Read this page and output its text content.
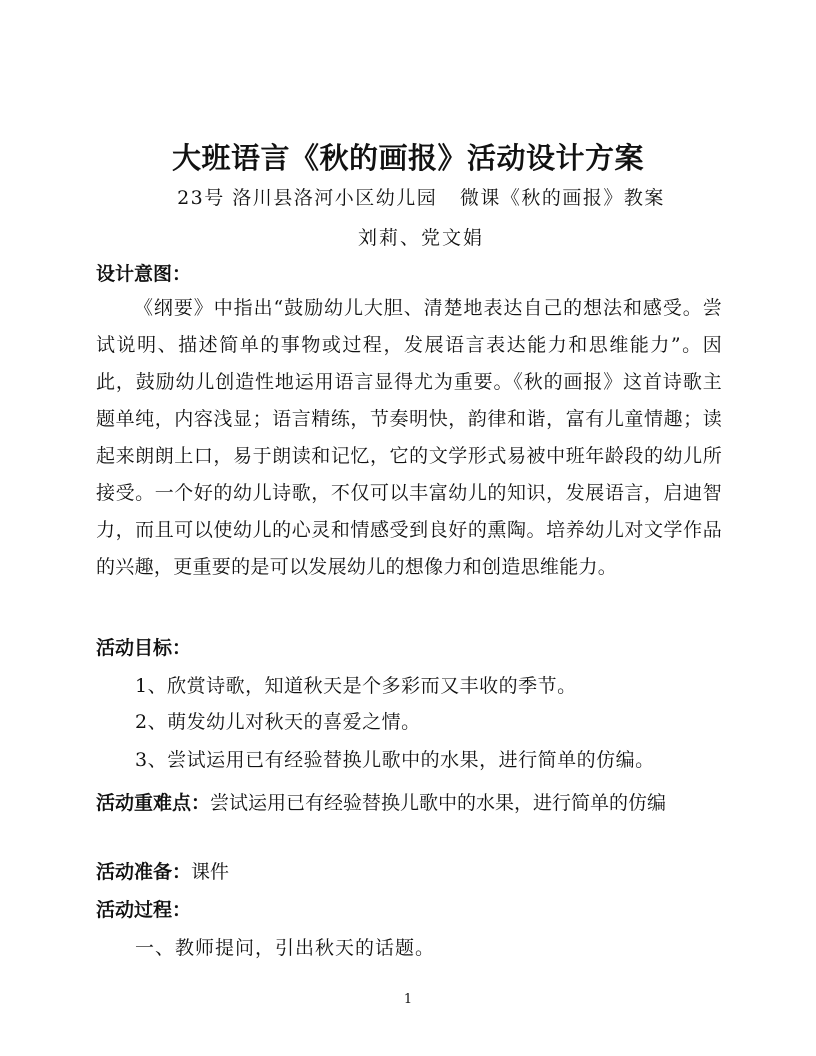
大班语言《秋的画报》活动设计方案
23号 洛川县洛河小区幼儿园   微课《秋的画报》教案
刘莉、党文娟
设计意图：
《纲要》中指出“鼓励幼儿大胆、清楚地表达自己的想法和感受。尝试说明、描述简单的事物或过程，发展语言表达能力和思维能力”。因此，鼓励幼儿创造性地运用语言显得尤为重要。《秋的画报》这首诗歌主题单纯，内容浅显；语言精练，节奏明快，韵律和谐，富有儿童情趣；读起来朗朗上口，易于朗读和记忆，它的文学形式易被中班年龄段的幼儿所接受。一个好的幼儿诗歌，不仅可以丰富幼儿的知识，发展语言，启迪智力，而且可以使幼儿的心灵和情感受到良好的熏陶。培养幼儿对文学作品的兴趣，更重要的是可以发展幼儿的想像力和创造思维能力。
活动目标：
1、欣赏诗歌，知道秋天是个多彩而又丰收的季节。
2、萌发幼儿对秋天的喜爱之情。
3、尝试运用已有经验替换儿歌中的水果，进行简单的仿编。
活动重难点：尝试运用已有经验替换儿歌中的水果，进行简单的仿编
活动准备：课件
活动过程：
一、教师提问，引出秋天的话题。
1
